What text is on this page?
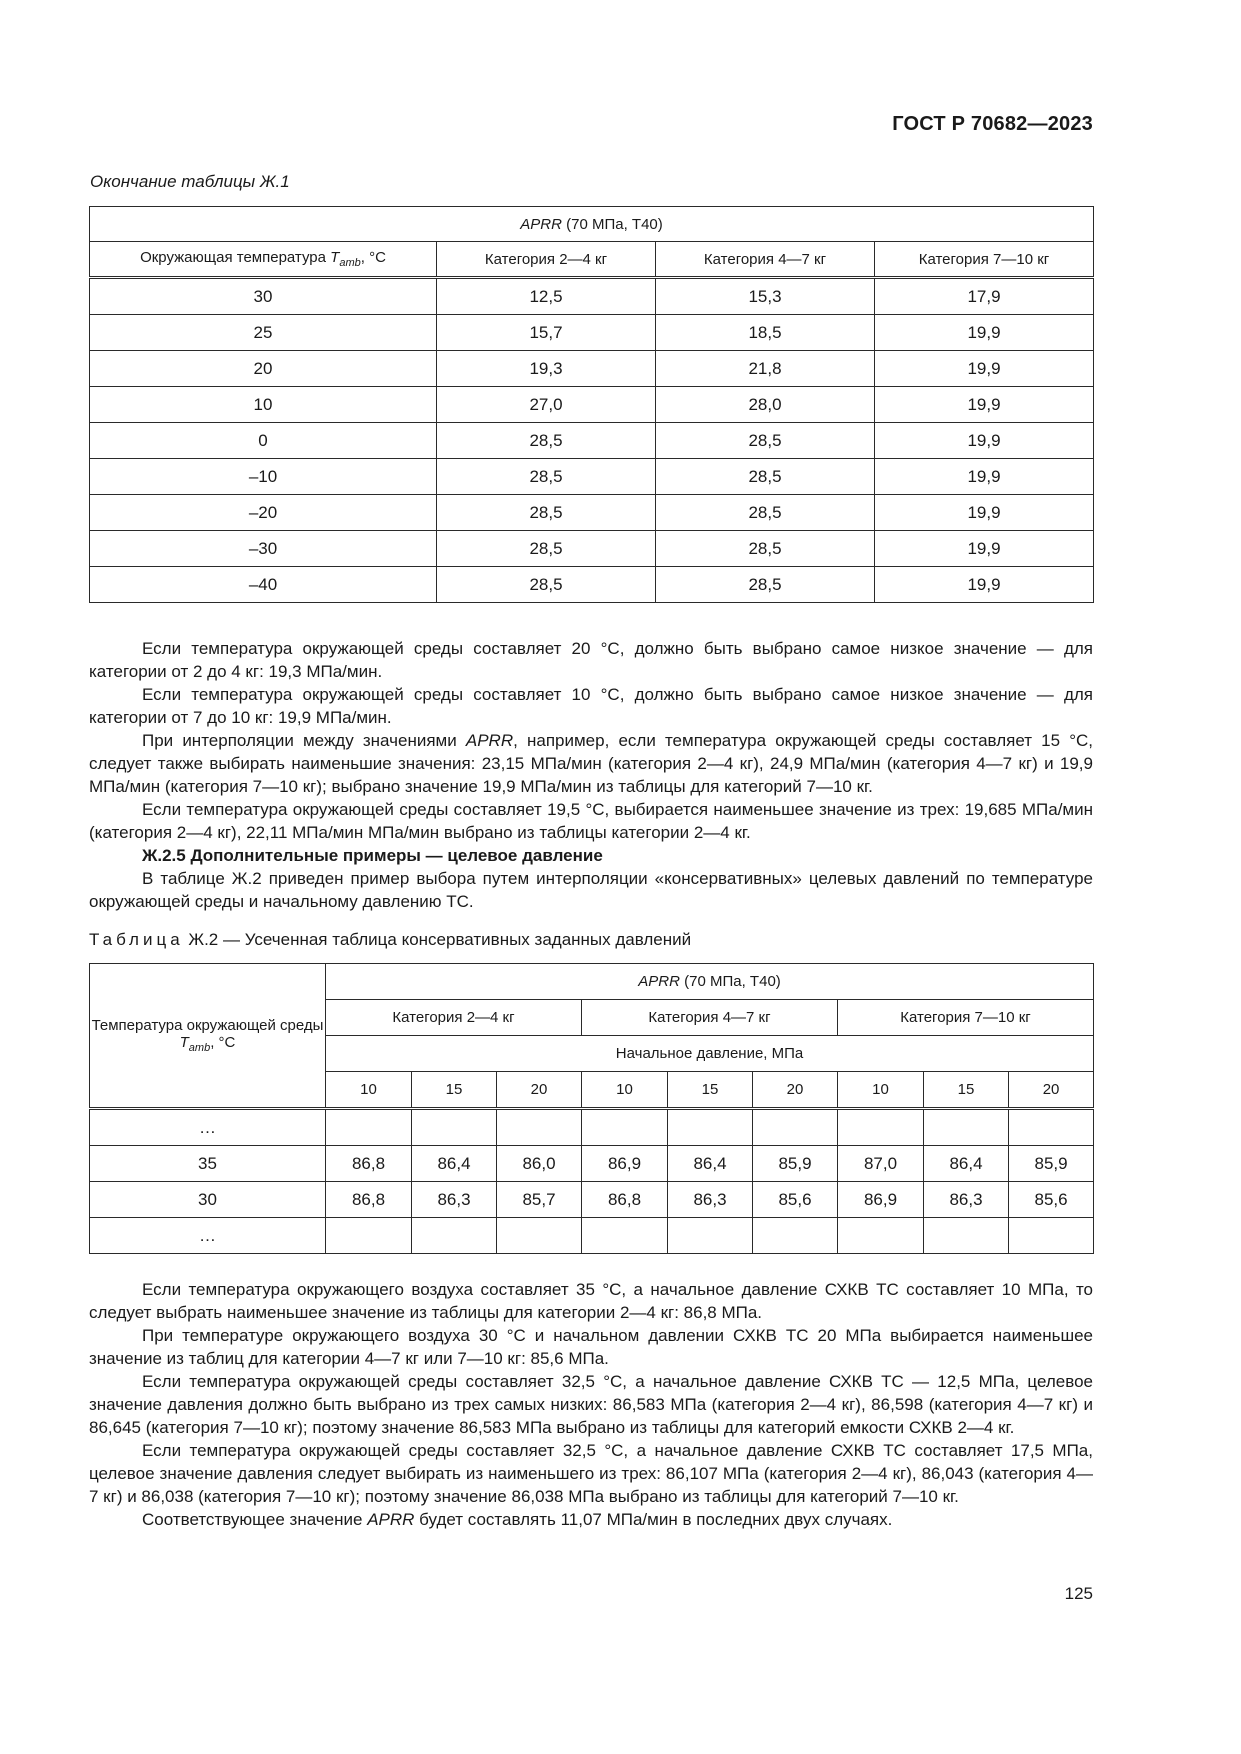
ГОСТ Р 70682—2023
Окончание таблицы Ж.1
APRR (70 МПа, Т40)			
Окружающая температура $T_{amb}$, °С	Категория 2—4 кг	Категория 4—7 кг	Категория 7—10 кг
30	12,5	15,3	17,9
25	15,7	18,5	19,9
20	19,3	21,8	19,9
10	27,0	28,0	19,9
0	28,5	28,5	19,9
–10	28,5	28,5	19,9
–20	28,5	28,5	19,9
–30	28,5	28,5	19,9
–40	28,5	28,5	19,9

Если температура окружающей среды составляет 20 °С, должно быть выбрано самое низкое значение — для категории от 2 до 4 кг: 19,3 МПа/мин.

Если температура окружающей среды составляет 10 °С, должно быть выбрано самое низкое значение — для категории от 7 до 10 кг: 19,9 МПа/мин.

При интерполяции между значениями APRR, например, если температура окружающей среды составляет 15 °С, следует также выбирать наименьшие значения: 23,15 МПа/мин (категория 2—4 кг), 24,9 МПа/мин (категория 4—7 кг) и 19,9 МПа/мин (категория 7—10 кг); выбрано значение 19,9 МПа/мин из таблицы для категорий 7—10 кг.

Если температура окружающей среды составляет 19,5 °С, выбирается наименьшее значение из трех: 19,685 МПа/мин (категория 2—4 кг), 22,11 МПа/мин МПа/мин выбрано из таблицы категории 2—4 кг.

Ж.2.5 Дополнительные примеры — целевое давление

В таблице Ж.2 приведен пример выбора путем интерполяции «консервативных» целевых давлений по температуре окружающей среды и начальному давлению ТС.

Таблица Ж.2 — Усеченная таблица консервативных заданных давлений
Температура окружающей среды $T_{amb}$, °С	APRR (70 МПа, Т40)								
	Категория 2—4 кг			Категория 4—7 кг			Категория 7—10 кг		
	Начальное давление, МПа								
	10	15	20	10	15	20	10	15	20
…									
35	86,8	86,4	86,0	86,9	86,4	85,9	87,0	86,4	85,9
30	86,8	86,3	85,7	86,8	86,3	85,6	86,9	86,3	85,6
…									

Если температура окружающего воздуха составляет 35 °С, а начальное давление СХКВ ТС составляет 10 МПа, то следует выбрать наименьшее значение из таблицы для категории 2—4 кг: 86,8 МПа.

При температуре окружающего воздуха 30 °С и начальном давлении СХКВ ТС 20 МПа выбирается наименьшее значение из таблиц для категории 4—7 кг или 7—10 кг: 85,6 МПа.

Если температура окружающей среды составляет 32,5 °С, а начальное давление СХКВ ТС — 12,5 МПа, целевое значение давления должно быть выбрано из трех самых низких: 86,583 МПа (категория 2—4 кг), 86,598 (категория 4—7 кг) и 86,645 (категория 7—10 кг); поэтому значение 86,583 МПа выбрано из таблицы для категорий емкости СХКВ 2—4 кг.

Если температура окружающей среды составляет 32,5 °С, а начальное давление СХКВ ТС составляет 17,5 МПа, целевое значение давления следует выбирать из наименьшего из трех: 86,107 МПа (категория 2—4 кг), 86,043 (категория 4—7 кг) и 86,038 (категория 7—10 кг); поэтому значение 86,038 МПа выбрано из таблицы для категорий 7—10 кг.

Соответствующее значение APRR будет составлять 11,07 МПа/мин в последних двух случаях.

125
